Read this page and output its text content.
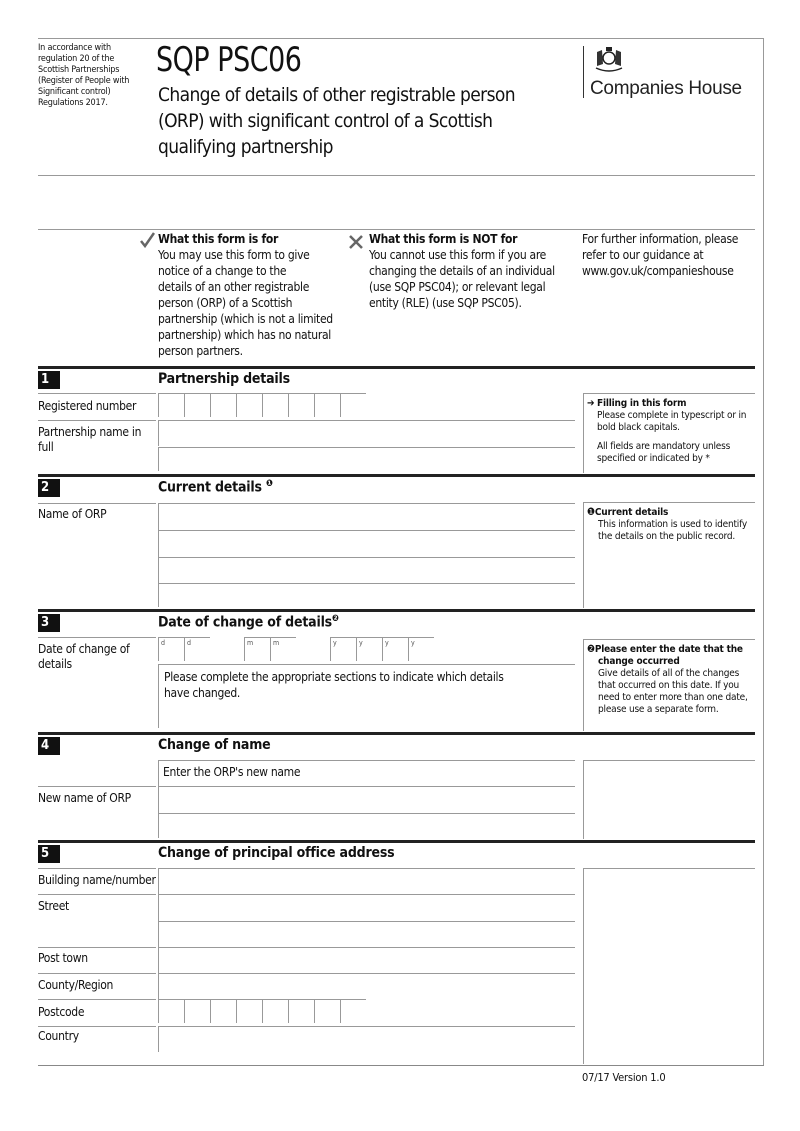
In accordance with
regulation 20 of the
Scottish Partnerships
(Register of People with
Significant control)
Regulations 2017.
SQP PSC06
Change of details of other registrable person
(ORP) with significant control of a Scottish
qualifying partnership
Companies House
What this form is for
You may use this form to give
notice of a change to the
details of an other registrable
person (ORP) of a Scottish
partnership (which is not a limited
partnership) which has no natural
person partners.
What this form is NOT for
You cannot use this form if you are
changing the details of an individual
(use SQP PSC04); or relevant legal
entity (RLE) (use SQP PSC05).
For further information, please
refer to our guidance at
www.gov.uk/companieshouse
1	Partnership details
Registered number
Partnership name in
full
➔ Filling in this form
Please complete in typescript or in
bold black capitals.
All fields are mandatory unless
specified or indicated by *
2	Current details $^❶$
Name of ORP	❶Current details
This information is used to identify
the details on the public record.
3	Date of change of details$^❷$
Date of change of
details
d	d	m	m	y	y	y	y
Please complete the appropriate sections to indicate which details
have changed.
❷Please enter the date that the
change occurred
Give details of all of the changes
that occurred on this date. If you
need to enter more than one date,
please use a separate form.
4	Change of name
Enter the ORP's new name
New name of ORP
5	Change of principal office address
Building name/number
Street
Post town
County/Region
Postcode
Country
07/17 Version 1.0
